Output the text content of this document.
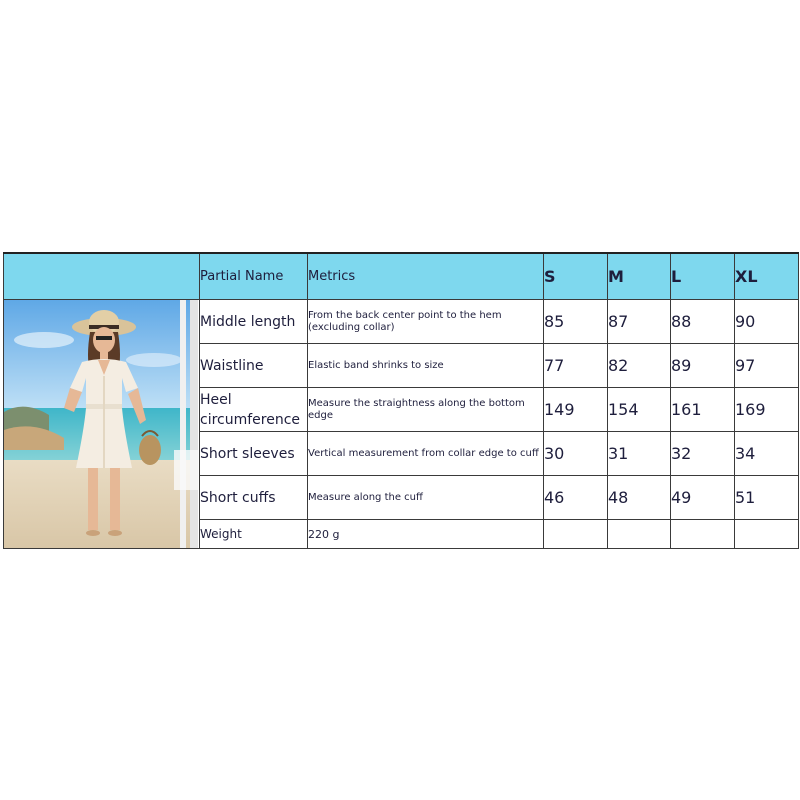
	Partial Name	Metrics	S	M	L	XL

	Middle length	From the back center point to the hem (excluding collar)	85	87	88	90
	Waistline	Elastic band shrinks to size	77	82	89	97
	Heel circumference	Measure the straightness along the bottom edge	149	154	161	169
	Short sleeves	Vertical measurement from collar edge to cuff	30	31	32	34
	Short cuffs	Measure along the cuff	46	48	49	51
	Weight	220 g				
